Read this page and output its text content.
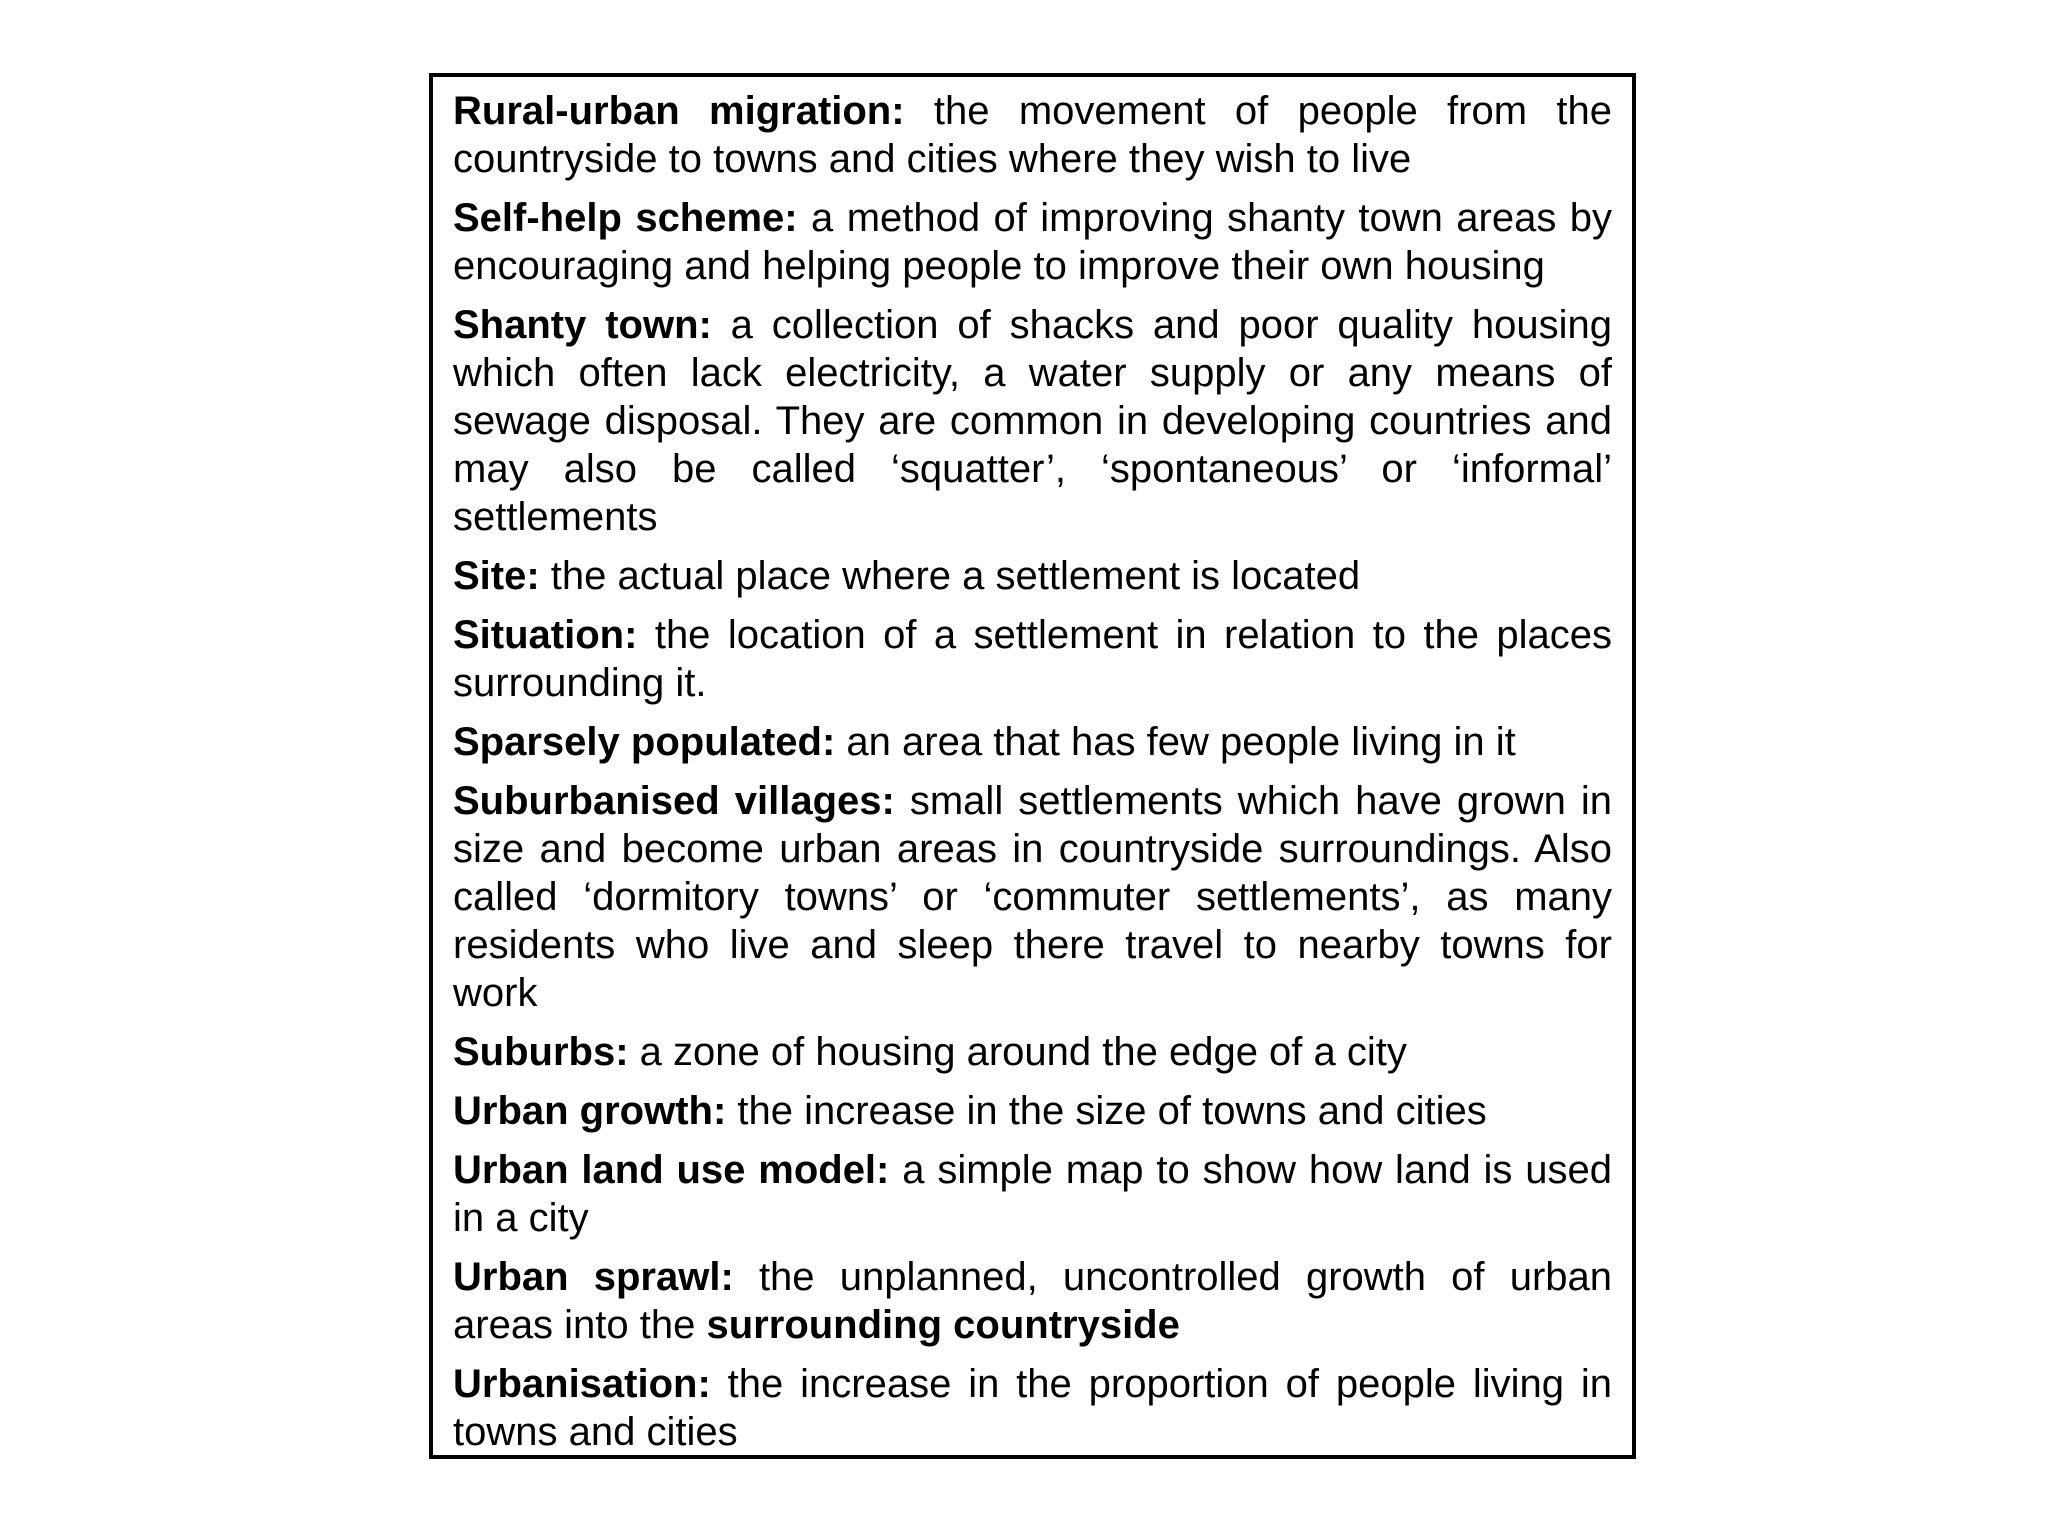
Rural-urban migration: the movement of people from the countryside to towns and cities where they wish to live

Self-help scheme: a method of improving shanty town areas by encouraging and helping people to improve their own housing

Shanty town: a collection of shacks and poor quality housing which often lack electricity, a water supply or any means of sewage disposal. They are common in developing countries and may also be called ‘squatter’, ‘spontaneous’ or ‘informal’ settlements

Site: the actual place where a settlement is located

Situation: the location of a settlement in relation to the places surrounding it.

Sparsely populated: an area that has few people living in it

Suburbanised villages: small settlements which have grown in size and become urban areas in countryside surroundings. Also called ‘dormitory towns’ or ‘commuter settlements’, as many residents who live and sleep there travel to nearby towns for work

Suburbs: a zone of housing around the edge of a city

Urban growth: the increase in the size of towns and cities

Urban land use model: a simple map to show how land is used in a city

Urban sprawl: the unplanned, uncontrolled growth of urban areas into the surrounding countryside

Urbanisation: the increase in the proportion of people living in towns and cities
